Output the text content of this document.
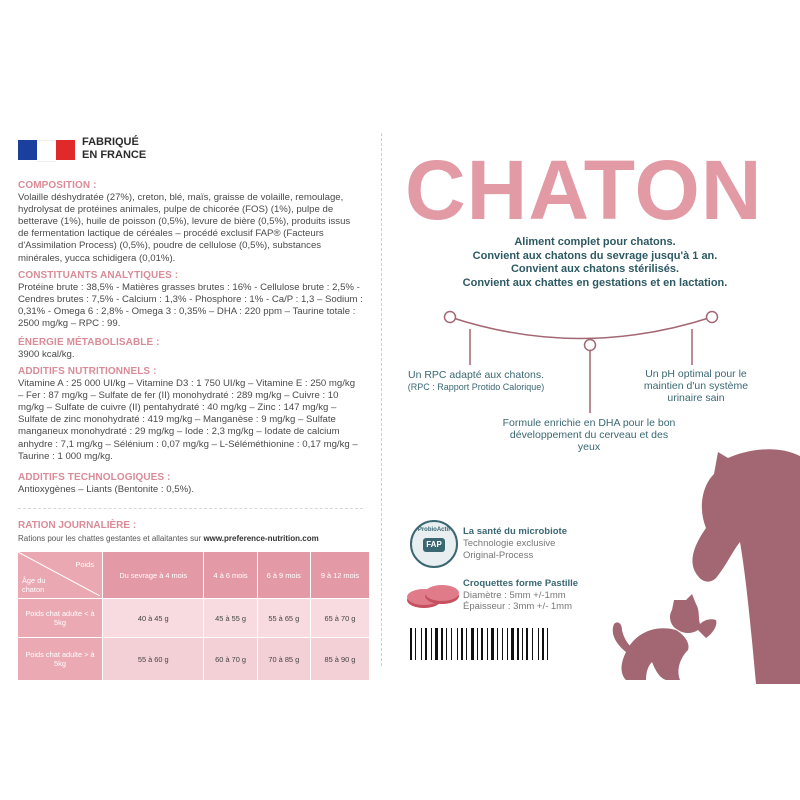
FABRIQUÉ
EN FRANCE
COMPOSITION :

Volaille déshydratée (27%), creton, blé, maïs, graisse de volaille, remoulage, hydrolysat de protéines animales, pulpe de chicorée (FOS) (1%), pulpe de betterave (1%), huile de poisson (0,5%), levure de bière (0,5%), produits issus de fermentation lactique de céréales – procédé exclusif FAP® (Facteurs d'Assimilation Process) (0,5%), poudre de cellulose (0,5%), substances minérales, yucca schidigera (0,01%).

CONSTITUANTS ANALYTIQUES :

Protéine brute : 38,5% - Matières grasses brutes : 16% - Cellulose brute : 2,5% - Cendres brutes : 7,5% - Calcium : 1,3% - Phosphore : 1% - Ca/P : 1,3 – Sodium : 0,31% - Omega 6 : 2,8% - Omega 3 : 0,35% – DHA : 220 ppm – Taurine totale : 2500 mg/kg – RPC : 99.

ÉNERGIE MÉTABOLISABLE :

3900 kcal/kg.

ADDITIFS NUTRITIONNELS :

Vitamine A : 25 000 UI/kg – Vitamine D3 : 1 750 UI/kg – Vitamine E : 250 mg/kg – Fer : 87 mg/kg – Sulfate de fer (II) monohydraté : 289 mg/kg – Cuivre : 10 mg/kg – Sulfate de cuivre (II) pentahydraté : 40 mg/kg – Zinc : 147 mg/kg – Sulfate de zinc monohydraté : 419 mg/kg – Manganèse : 9 mg/kg – Sulfate manganeux monohydraté : 29 mg/kg – Iode : 2,3 mg/kg – Iodate de calcium anhydre : 7,1 mg/kg – Sélénium : 0,07 mg/kg – L-Séléméthionine : 0,17 mg/kg – Taurine : 1 000 mg/kg.

ADDITIFS TECHNOLOGIQUES :

Antioxygènes – Liants (Bentonite : 0,5%).

RATION JOURNALIÈRE :
Rations pour les chattes gestantes et allaitantes sur www.preference-nutrition.com
Poids
Âge du chaton	Du sevrage à 4 mois	4 à 6 mois	6 à 9 mois	9 à 12 mois
Poids chat adulte < à 5kg	40 à 45 g	45 à 55 g	55 à 65 g	65 à 70 g
Poids chat adulte > à 5kg	55 à 60 g	60 à 70 g	70 à 85 g	85 à 90 g
CHATON
Aliment complet pour chatons.
Convient aux chatons du sevrage jusqu'à 1 an.
Convient aux chatons stérilisés.
Convient aux chattes en gestations et en lactation.
Un RPC adapté aux chatons.
(RPC : Rapport Protido Calorique)
Un pH optimal pour le maintien d'un système urinaire sain
Formule enrichie en DHA pour le bon développement du cerveau et des yeux
ProbioActif
FAP
La santé du microbiote
Technologie exclusive
Original-Process
Croquettes forme Pastille
Diamètre : 5mm +/-1mm
Épaisseur : 3mm +/- 1mm
